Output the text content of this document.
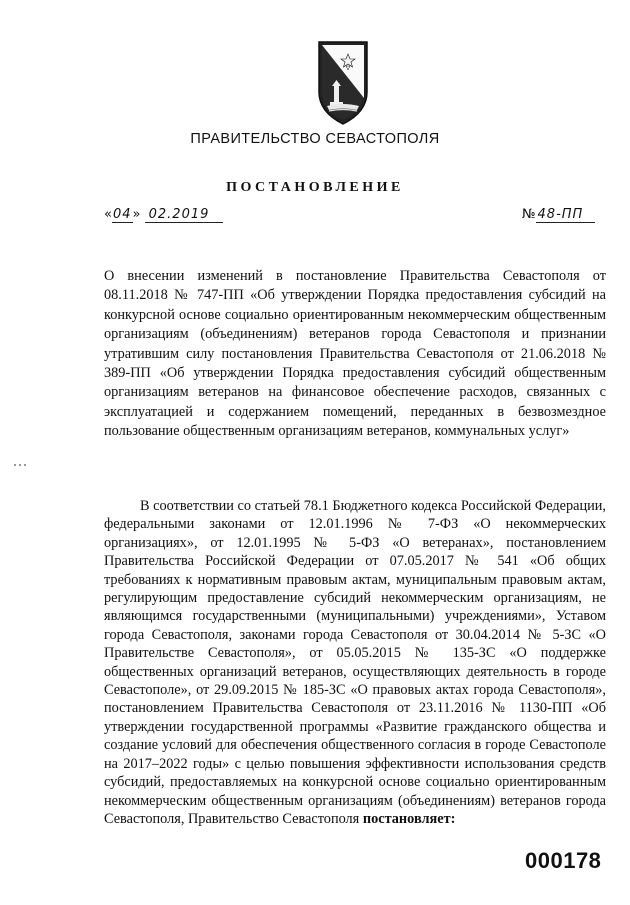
ПРАВИТЕЛЬСТВО СЕВАСТОПОЛЯ
ПОСТАНОВЛЕНИЕ
«04» 02.2019	№ 48-ПП
О внесении изменений в постановление Правительства Севастополя от 08.11.2018 № 747-ПП «Об утверждении Порядка предоставления субсидий на конкурсной основе социально ориентированным некоммерческим общественным организациям (объединениям) ветеранов города Севастополя и признании утратившим силу постановления Правительства Севастополя от 21.06.2018 № 389-ПП «Об утверждении Порядка предоставления субсидий общественным организациям ветеранов на финансовое обеспечение расходов, связанных с эксплуатацией и содержанием помещений, переданных в безвозмездное пользование общественным организациям ветеранов, коммунальных услуг»
В соответствии со статьей 78.1 Бюджетного кодекса Российской Федерации, федеральными законами от 12.01.1996 № 7-ФЗ «О некоммерческих организациях», от 12.01.1995 № 5-ФЗ «О ветеранах», постановлением Правительства Российской Федерации от 07.05.2017 № 541 «Об общих требованиях к нормативным правовым актам, муниципальным правовым актам, регулирующим предоставление субсидий некоммерческим организациям, не являющимся государственными (муниципальными) учреждениями», Уставом города Севастополя, законами города Севастополя от 30.04.2014 № 5-ЗС «О Правительстве Севастополя», от 05.05.2015 № 135-ЗС «О поддержке общественных организаций ветеранов, осуществляющих деятельность в городе Севастополе», от 29.09.2015 № 185-ЗС «О правовых актах города Севастополя», постановлением Правительства Севастополя от 23.11.2016 № 1130-ПП «Об утверждении государственной программы «Развитие гражданского общества и создание условий для обеспечения общественного согласия в городе Севастополе на 2017–2022 годы» с целью повышения эффективности использования средств субсидий, предоставляемых на конкурсной основе социально ориентированным некоммерческим общественным организациям (объединениям) ветеранов города Севастополя, Правительство Севастополя постановляет:
000178
